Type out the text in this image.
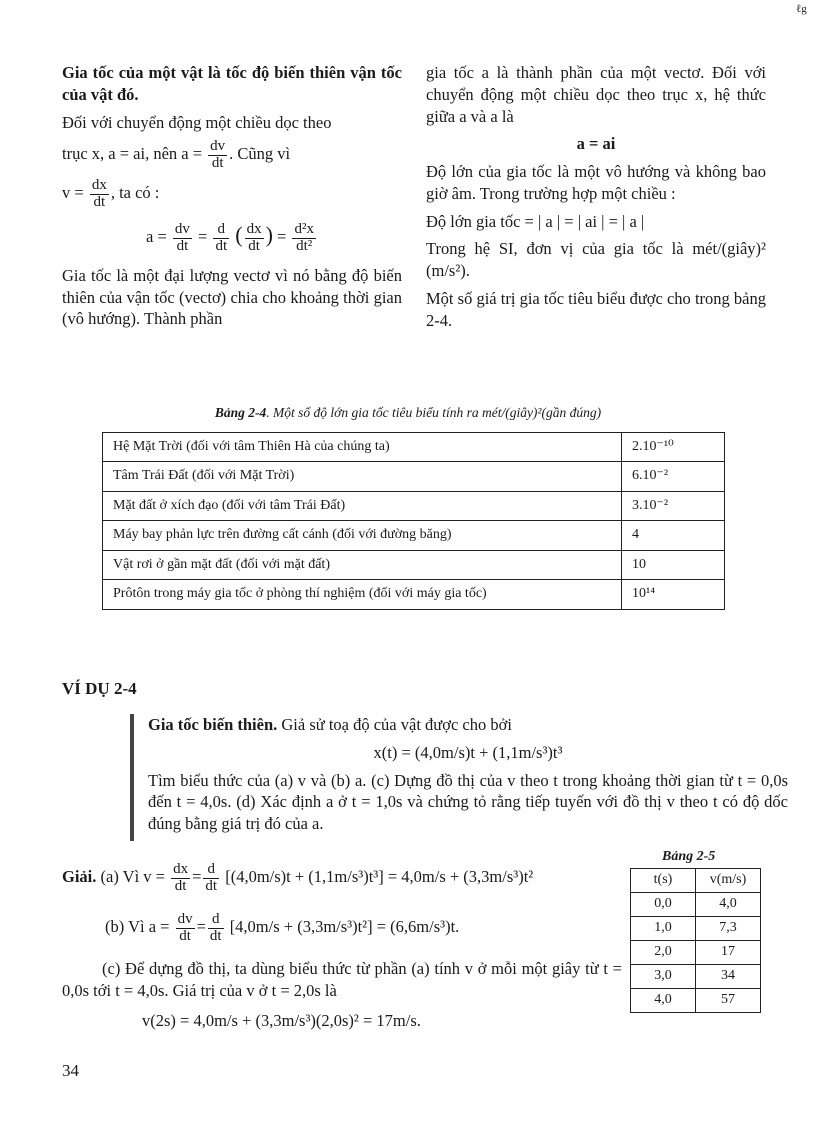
ℓg

Gia tốc của một vật là tốc độ biến thiên vận tốc của vật đó.

Đối với chuyển động một chiều dọc theo

trục x, a = ai, nên $a = \frac{dv}{dt}$ . Cũng vì

$v = \frac{dx}{dt}$ , ta có :

$a = \frac{dv}{dt} = \frac{d}{dt}$ ( $\frac{dx}{dt}$ ) = $\frac{\text{d²x}}{\text{dt²}}$

Gia tốc là một đại lượng vectơ vì nó bằng độ biến thiên của vận tốc (vectơ) chia cho khoảng thời gian (vô hướng). Thành phần

gia tốc a là thành phần của một vectơ. Đối với chuyển động một chiều dọc theo trục x, hệ thức giữa a và a là

a = ai

Độ lớn của gia tốc là một vô hướng và không bao giờ âm. Trong trường hợp một chiều :

Độ lớn gia tốc = | a | = | ai | = | a |

Trong hệ SI, đơn vị của gia tốc là mét/(giây)² (m/s²).

Một số giá trị gia tốc tiêu biểu được cho trong bảng 2-4.

Bảng 2-4. Một số độ lớn gia tốc tiêu biểu tính ra mét/(giây)²(gần đúng)
Hệ Mặt Trời (đối với tâm Thiên Hà của chúng ta)	2.10⁻¹⁰
Tâm Trái Đất (đối với Mặt Trời)	6.10⁻²
Mặt đất ở xích đạo (đối với tâm Trái Đất)	3.10⁻²
Máy bay phản lực trên đường cất cánh (đối với đường băng)	4
Vật rơi ở gần mặt đất (đối với mặt đất)	10
Prôtôn trong máy gia tốc ở phòng thí nghiệm (đối với máy gia tốc)	10¹⁴
VÍ DỤ 2-4

Gia tốc biến thiên. Giả sử toạ độ của vật được cho bởi

x(t) = (4,0m/s)t + (1,1m/s³)t³

Tìm biểu thức của (a) v và (b) a. (c) Dựng đồ thị của v theo t trong khoảng thời gian từ t = 0,0s đến t = 4,0s. (d) Xác định a ở t = 1,0s và chứng tỏ rằng tiếp tuyến với đồ thị v theo t có độ dốc đúng bằng giá trị đó của a.

Giải. (a) Vì $v = \frac{dx}{dt} = \frac{d}{dt} [(4,0m/s)t + (1,1m/s^3)t^3] = 4,0m/s + (3,3m/s^3)t^2$
(b) Vì $a = \frac{dv}{dt} = \frac{d}{dt} [4,0m/s + (3,3m/s^3)t^2] = (6,6m/s^3)t$.
(c) Để dựng đồ thị, ta dùng biểu thức từ phần (a) tính v ở mỗi một giây từ t = 0,0s tới t = 4,0s. Giá trị của v ở t = 2,0s là
v(2s) = 4,0m/s + (3,3m/s³)(2,0s)² = 17m/s.
Bảng 2-5
t(s)	v(m/s)
0,0	4,0
1,0	7,3
2,0	17
3,0	34
4,0	57
34
